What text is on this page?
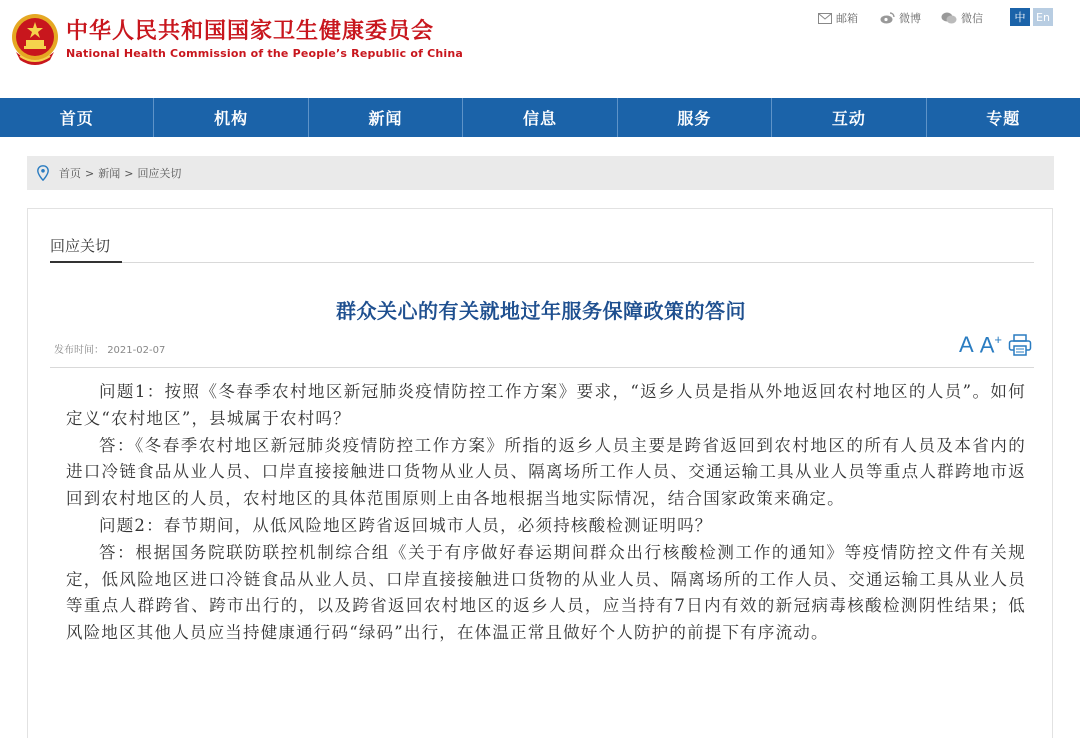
中华人民共和国国家卫生健康委员会
National Health Commission of the People’s Republic of China
邮箱	微博	微信	中 En
首页	机构	新闻	信息	服务	互动	专题
首页 > 新闻 > 回应关切
回应关切
群众关心的有关就地过年服务保障政策的答问
发布时间： 2021-02-07	A A+

问题1：按照《冬春季农村地区新冠肺炎疫情防控工作方案》要求，“返乡人员是指从外地返回农村地区的人员”。如何定义“农村地区”，县城属于农村吗？

答：《冬春季农村地区新冠肺炎疫情防控工作方案》所指的返乡人员主要是跨省返回到农村地区的所有人员及本省内的进口冷链食品从业人员、口岸直接接触进口货物从业人员、隔离场所工作人员、交通运输工具从业人员等重点人群跨地市返回到农村地区的人员，农村地区的具体范围原则上由各地根据当地实际情况，结合国家政策来确定。

问题2：春节期间，从低风险地区跨省返回城市人员，必须持核酸检测证明吗？

答：根据国务院联防联控机制综合组《关于有序做好春运期间群众出行核酸检测工作的通知》等疫情防控文件有关规定，低风险地区进口冷链食品从业人员、口岸直接接触进口货物的从业人员、隔离场所的工作人员、交通运输工具从业人员等重点人群跨省、跨市出行的，以及跨省返回农村地区的返乡人员，应当持有7日内有效的新冠病毒核酸检测阴性结果；低风险地区其他人员应当持健康通行码“绿码”出行，在体温正常且做好个人防护的前提下有序流动。
